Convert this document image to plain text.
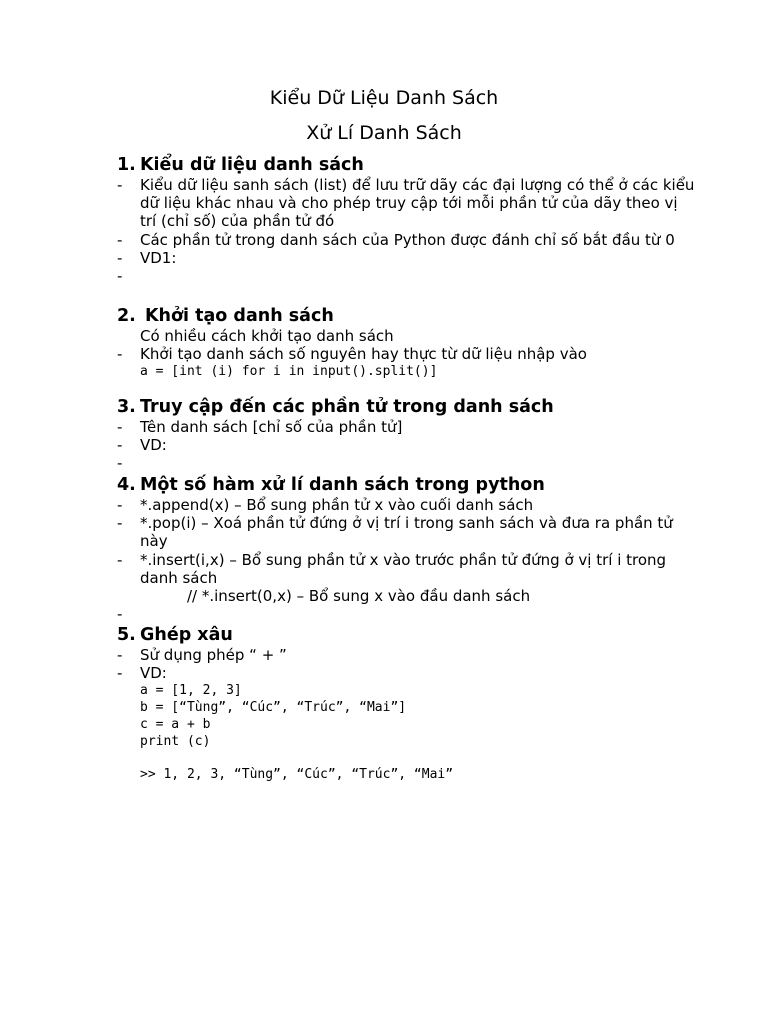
Kiểu Dữ Liệu Danh Sách
Xử Lí Danh Sách
1. Kiểu dữ liệu danh sách
- Kiểu dữ liệu sanh sách (list) để lưu trữ dãy các đại lượng có thể ở các kiểu dữ liệu khác nhau và cho phép truy cập tới mỗi phần tử của dãy theo vị trí (chỉ số) của phần tử đó
- Các phần tử trong danh sách của Python được đánh chỉ số bắt đầu từ 0
- VD1:
-
2. Khởi tạo danh sách
Có nhiều cách khởi tạo danh sách
- Khởi tạo danh sách số nguyên hay thực từ dữ liệu nhập vào
a = [int (i) for i in input().split()]
3. Truy cập đến các phần tử trong danh sách
- Tên danh sách [chỉ số của phần tử]
- VD:
-
4. Một số hàm xử lí danh sách trong python
- *.append(x) – Bổ sung phần tử x vào cuối danh sách
- *.pop(i) – Xoá phần tử đứng ở vị trí i trong sanh sách và đưa ra phần tử này
- *.insert(i,x) – Bổ sung phần tử x vào trước phần tử đứng ở vị trí i trong danh sách
// *.insert(0,x) – Bổ sung x vào đầu danh sách
-
5. Ghép xâu
- Sử dụng phép “ + ”
- VD:
a = [1, 2, 3]
b = [“Tùng”, “Cúc”, “Trúc”, “Mai”]
c = a + b
print (c)
>> 1, 2, 3, “Tùng”, “Cúc”, “Trúc”, “Mai”
